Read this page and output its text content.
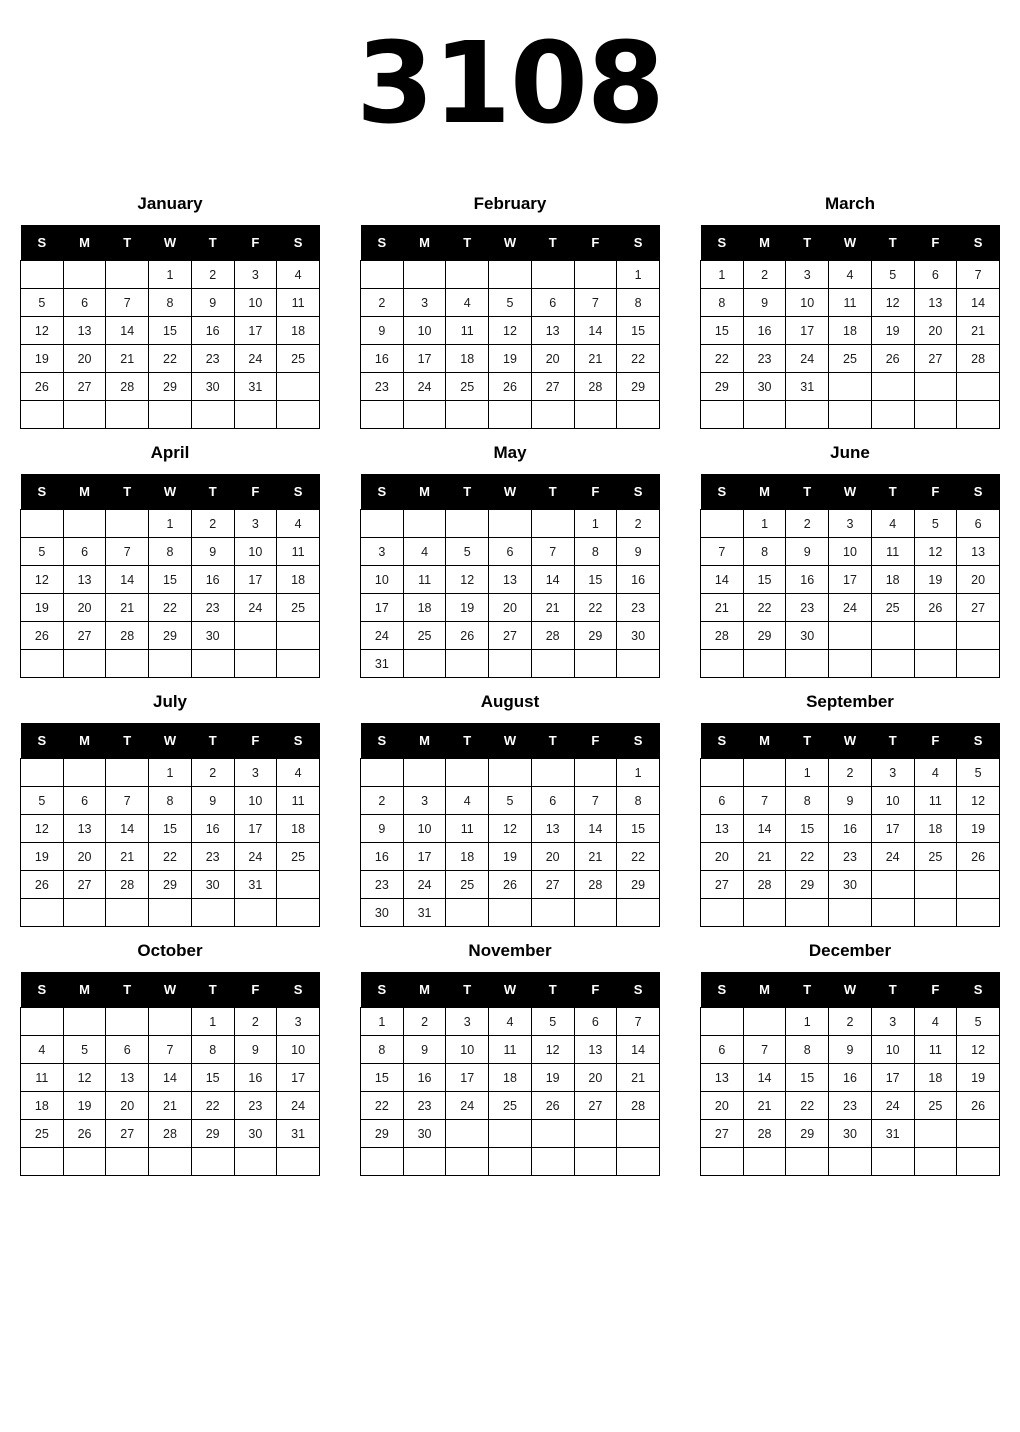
3108
January
S	M	T	W	T	F	S
			1	2	3	4
5	6	7	8	9	10	11
12	13	14	15	16	17	18
19	20	21	22	23	24	25
26	27	28	29	30	31	

February
S	M	T	W	T	F	S
						1
2	3	4	5	6	7	8
9	10	11	12	13	14	15
16	17	18	19	20	21	22
23	24	25	26	27	28	29

March
S	M	T	W	T	F	S
1	2	3	4	5	6	7
8	9	10	11	12	13	14
15	16	17	18	19	20	21
22	23	24	25	26	27	28
29	30	31				

April
S	M	T	W	T	F	S
			1	2	3	4
5	6	7	8	9	10	11
12	13	14	15	16	17	18
19	20	21	22	23	24	25
26	27	28	29	30		

May
S	M	T	W	T	F	S
					1	2
3	4	5	6	7	8	9
10	11	12	13	14	15	16
17	18	19	20	21	22	23
24	25	26	27	28	29	30
31						
June
S	M	T	W	T	F	S
	1	2	3	4	5	6
7	8	9	10	11	12	13
14	15	16	17	18	19	20
21	22	23	24	25	26	27
28	29	30				

July
S	M	T	W	T	F	S
			1	2	3	4
5	6	7	8	9	10	11
12	13	14	15	16	17	18
19	20	21	22	23	24	25
26	27	28	29	30	31	

August
S	M	T	W	T	F	S
						1
2	3	4	5	6	7	8
9	10	11	12	13	14	15
16	17	18	19	20	21	22
23	24	25	26	27	28	29
30	31					
September
S	M	T	W	T	F	S
		1	2	3	4	5
6	7	8	9	10	11	12
13	14	15	16	17	18	19
20	21	22	23	24	25	26
27	28	29	30			

October
S	M	T	W	T	F	S
				1	2	3
4	5	6	7	8	9	10
11	12	13	14	15	16	17
18	19	20	21	22	23	24
25	26	27	28	29	30	31

November
S	M	T	W	T	F	S
1	2	3	4	5	6	7
8	9	10	11	12	13	14
15	16	17	18	19	20	21
22	23	24	25	26	27	28
29	30					

December
S	M	T	W	T	F	S
		1	2	3	4	5
6	7	8	9	10	11	12
13	14	15	16	17	18	19
20	21	22	23	24	25	26
27	28	29	30	31		
